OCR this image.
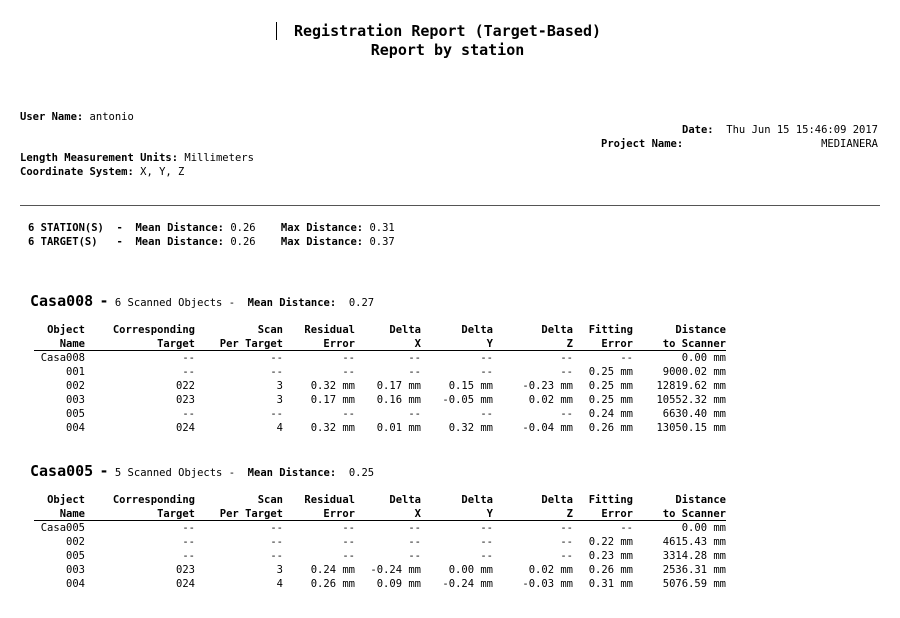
Registration Report (Target-Based)
Report by station
User Name: antonio
Date: Thu Jun 15 15:46:09 2017
Project Name:	MEDIANERA
Length Measurement Units: Millimeters
Coordinate System: X, Y, Z
6 STATION(S)  - Mean Distance: 0.26 Max Distance: 0.31
6 TARGET(S)   - Mean Distance: 0.26 Max Distance: 0.37
Casa008 - 6 Scanned Objects - Mean Distance: 0.27
Object	Corresponding	Scan	Residual	Delta	Delta	Delta	Fitting	Distance
Name	Target	Per Target	Error	X	Y	Z	Error	to Scanner
Casa008	--	--	--	--	--	--	--	0.00 mm
001	--	--	--	--	--	--	0.25 mm	9000.02 mm
002	022	3	0.32 mm	0.17 mm	0.15 mm	-0.23 mm	0.25 mm	12819.62 mm
003	023	3	0.17 mm	0.16 mm	-0.05 mm	0.02 mm	0.25 mm	10552.32 mm
005	--	--	--	--	--	--	0.24 mm	6630.40 mm
004	024	4	0.32 mm	0.01 mm	0.32 mm	-0.04 mm	0.26 mm	13050.15 mm
Casa005 - 5 Scanned Objects - Mean Distance: 0.25
Object	Corresponding	Scan	Residual	Delta	Delta	Delta	Fitting	Distance
Name	Target	Per Target	Error	X	Y	Z	Error	to Scanner
Casa005	--	--	--	--	--	--	--	0.00 mm
002	--	--	--	--	--	--	0.22 mm	4615.43 mm
005	--	--	--	--	--	--	0.23 mm	3314.28 mm
003	023	3	0.24 mm	-0.24 mm	0.00 mm	0.02 mm	0.26 mm	2536.31 mm
004	024	4	0.26 mm	0.09 mm	-0.24 mm	-0.03 mm	0.31 mm	5076.59 mm
